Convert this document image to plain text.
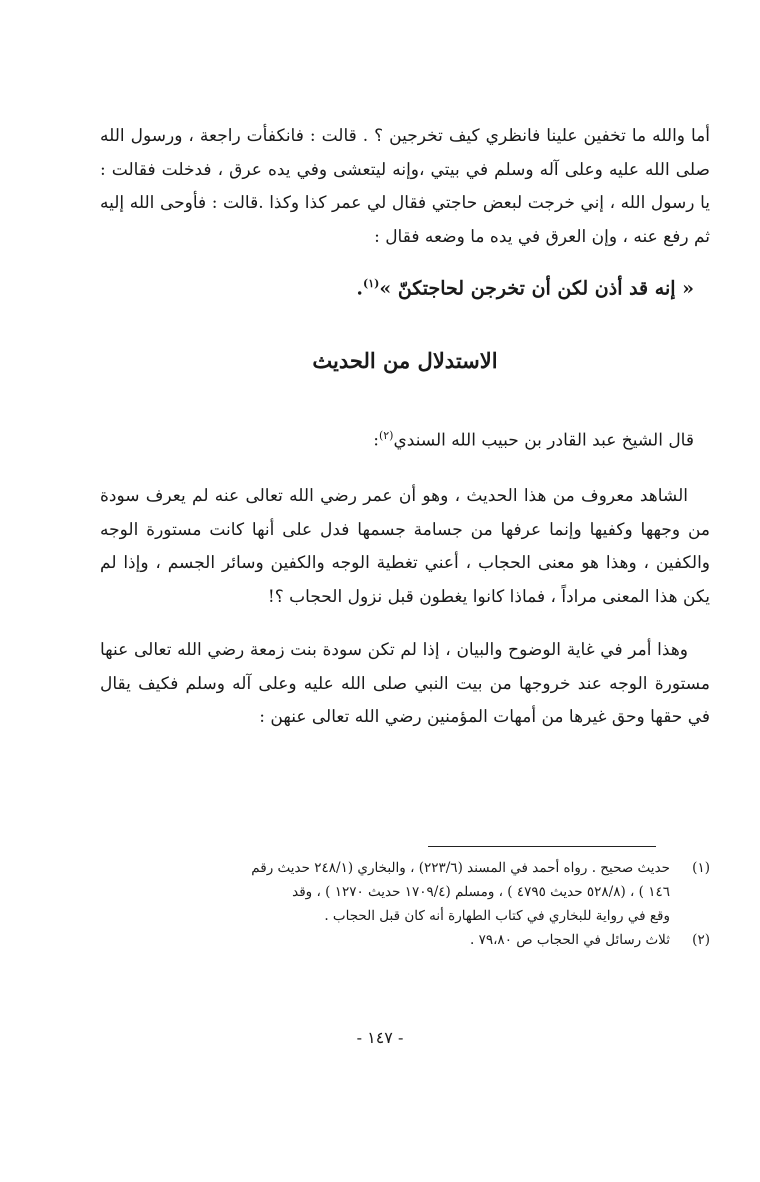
أما والله ما تخفين علينا فانظري كيف تخرجين ؟ . قالت : فانكفأت راجعة ، ورسول الله صلى الله عليه وعلى آله وسلم في بيتي ،وإنه ليتعشى وفي يده عرق ، فدخلت فقالت : يا رسول الله ، إني خرجت لبعض حاجتي فقال لي عمر كذا وكذا .قالت : فأوحى الله إليه ثم رفع عنه ، وإن العرق في يده ما وضعه فقال :

« إنه قد أذن لكن أن تخرجن لحاجتكنّ »$^{(١)}$.

الاستدلال من الحديث

قال الشيخ عبد القادر بن حبيب الله السندي$^{(٢)}$:

الشاهد معروف من هذا الحديث ، وهو أن عمر رضي الله تعالى عنه لم يعرف سودة من وجهها وكفيها وإنما عرفها من جسامة جسمها فدل على أنها كانت مستورة الوجه والكفين ، وهذا هو معنى الحجاب ، أعني تغطية الوجه والكفين وسائر الجسم ، وإذا لم يكن هذا المعنى مراداً ، فماذا كانوا يغطون قبل نزول الحجاب ؟!

وهذا أمر في غاية الوضوح والبيان ، إذا لم تكن سودة بنت زمعة رضي الله تعالى عنها مستورة الوجه عند خروجها من بيت النبي صلى الله عليه وعلى آله وسلم فكيف يقال في حقها وحق غيرها من أمهات المؤمنين رضي الله تعالى عنهن :

(١)حديث صحيح . رواه أحمد في المسند (٢٢٣/٦) ، والبخاري (٢٤٨/١ حديث رقم

١٤٦ ) ، (٥٢٨/٨ حديث ٤٧٩٥ ) ، ومسلم (١٧٠٩/٤ حديث ١٢٧٠ ) ، وقد

وقع في رواية للبخاري في كتاب الطهارة أنه كان قبل الحجاب .

(٢)ثلاث رسائل في الحجاب ص ٧٩،٨٠ .

- ١٤٧ -
